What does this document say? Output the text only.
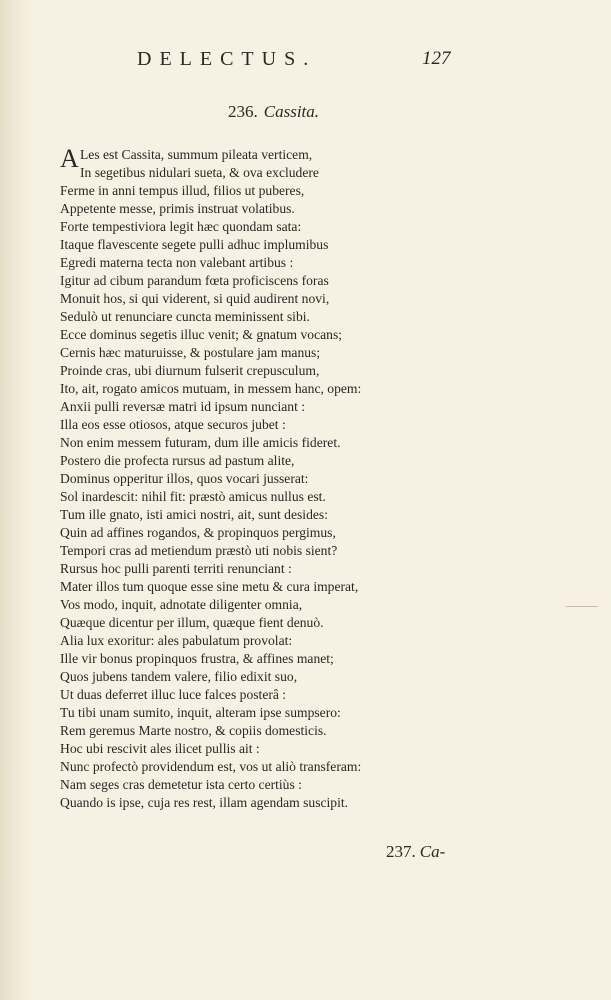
DELECTUS.	127
236. Cassita.
A Les est Cassita, summum pileata verticem,
In segetibus nidulari sueta, & ova excludere
Ferme in anni tempus illud, filios ut puberes,
Appetente messe, primis instruat volatibus.
Forte tempestiviora legit hæc quondam sata:
Itaque flavescente segete pulli adhuc implumibus
Egredi materna tecta non valebant artibus :
Igitur ad cibum parandum fœta proficiscens foras
Monuit hos, si qui viderent, si quid audirent novi,
Sedulò ut renunciare cuncta meminissent sibi.
Ecce dominus segetis illuc venit; & gnatum vocans;
Cernis hæc maturuisse, & postulare jam manus;
Proinde cras, ubi diurnum fulserit crepusculum,
Ito, ait, rogato amicos mutuam, in messem hanc, opem:
Anxii pulli reversæ matri id ipsum nunciant :
Illa eos esse otiosos, atque securos jubet :
Non enim messem futuram, dum ille amicis fideret.
Postero die profecta rursus ad pastum alite,
Dominus opperitur illos, quos vocari jusserat:
Sol inardescit: nihil fit: præstò amicus nullus est.
Tum ille gnato, isti amici nostri, ait, sunt desides:
Quin ad affines rogandos, & propinquos pergimus,
Tempori cras ad metiendum præstò uti nobis sient?
Rursus hoc pulli parenti territi renunciant :
Mater illos tum quoque esse sine metu & cura imperat,
Vos modo, inquit, adnotate diligenter omnia,
Quæque dicentur per illum, quæque fient denuò.
Alia lux exoritur: ales pabulatum provolat:
Ille vir bonus propinquos frustra, & affines manet;
Quos jubens tandem valere, filio edixit suo,
Ut duas deferret illuc luce falces posterâ :
Tu tibi unam sumito, inquit, alteram ipse sumpsero:
Rem geremus Marte nostro, & copiis domesticis.
Hoc ubi rescivit ales ilicet pullis ait :
Nunc profectò providendum est, vos ut aliò transferam:
Nam seges cras demetetur ista certo certiùs :
Quando is ipse, cuja res rest, illam agendam suscipit.
237. Ca-
